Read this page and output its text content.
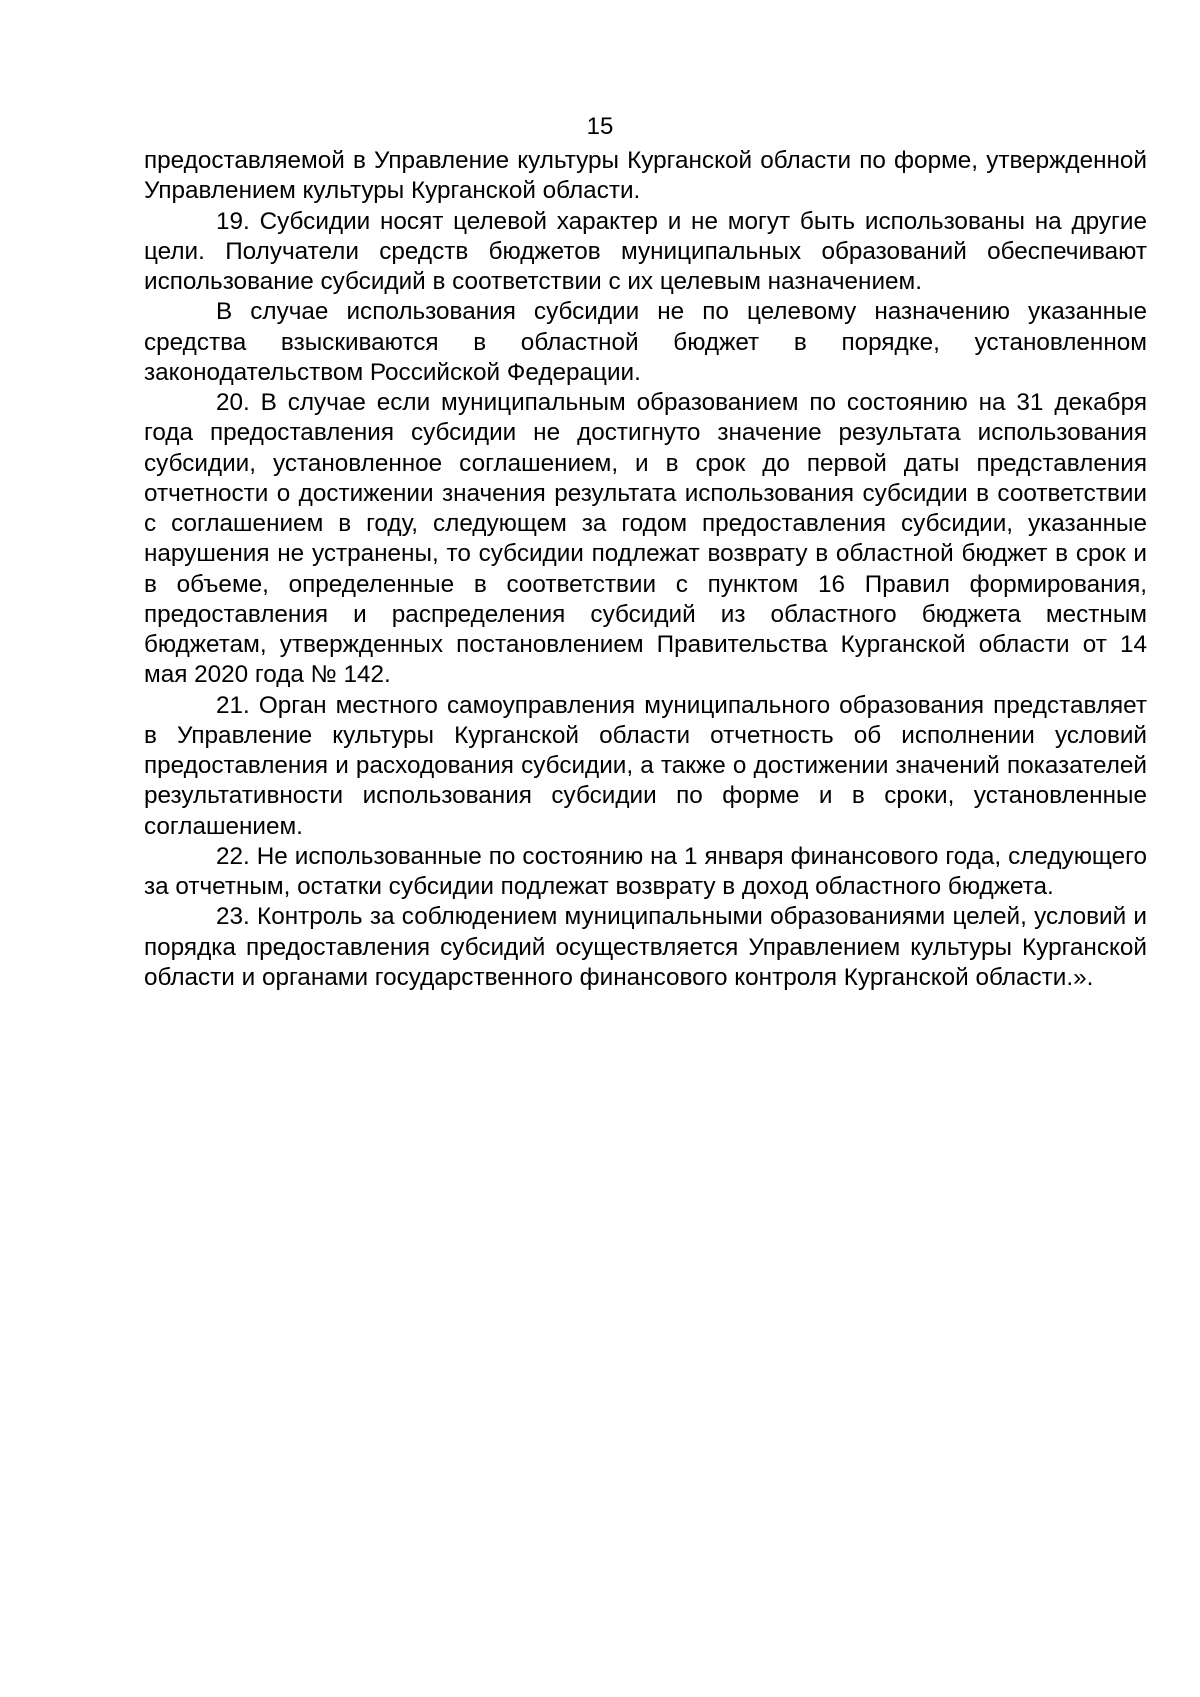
15

предоставляемой в Управление культуры Курганской области по форме, утвержденной Управлением культуры Курганской области.

19. Субсидии носят целевой характер и не могут быть использованы на другие цели. Получатели средств бюджетов муниципальных образований обеспечивают использование субсидий в соответствии с их целевым назначением.

В случае использования субсидии не по целевому назначению указанные средства взыскиваются в областной бюджет в порядке, установленном законодательством Российской Федерации.

20. В случае если муниципальным образованием по состоянию на 31 декабря года предоставления субсидии не достигнуто значение результата использования субсидии, установленное соглашением, и в срок до первой даты представления отчетности о достижении значения результата использования субсидии в соответствии с соглашением в году, следующем за годом предоставления субсидии, указанные нарушения не устранены, то субсидии подлежат возврату в областной бюджет в срок и в объеме, определенные в соответствии с пунктом 16 Правил формирования, предоставления и распределения субсидий из областного бюджета местным бюджетам, утвержденных постановлением Правительства Курганской области от 14 мая 2020 года № 142.

21. Орган местного самоуправления муниципального образования представляет в Управление культуры Курганской области отчетность об исполнении условий предоставления и расходования субсидии, а также о достижении значений показателей результативности использования субсидии по форме и в сроки, установленные соглашением.

22. Не использованные по состоянию на 1 января финансового года, следующего за отчетным, остатки субсидии подлежат возврату в доход областного бюджета.

23. Контроль за соблюдением муниципальными образованиями целей, условий и порядка предоставления субсидий осуществляется Управлением культуры Курганской области и органами государственного финансового контроля Курганской области.».
